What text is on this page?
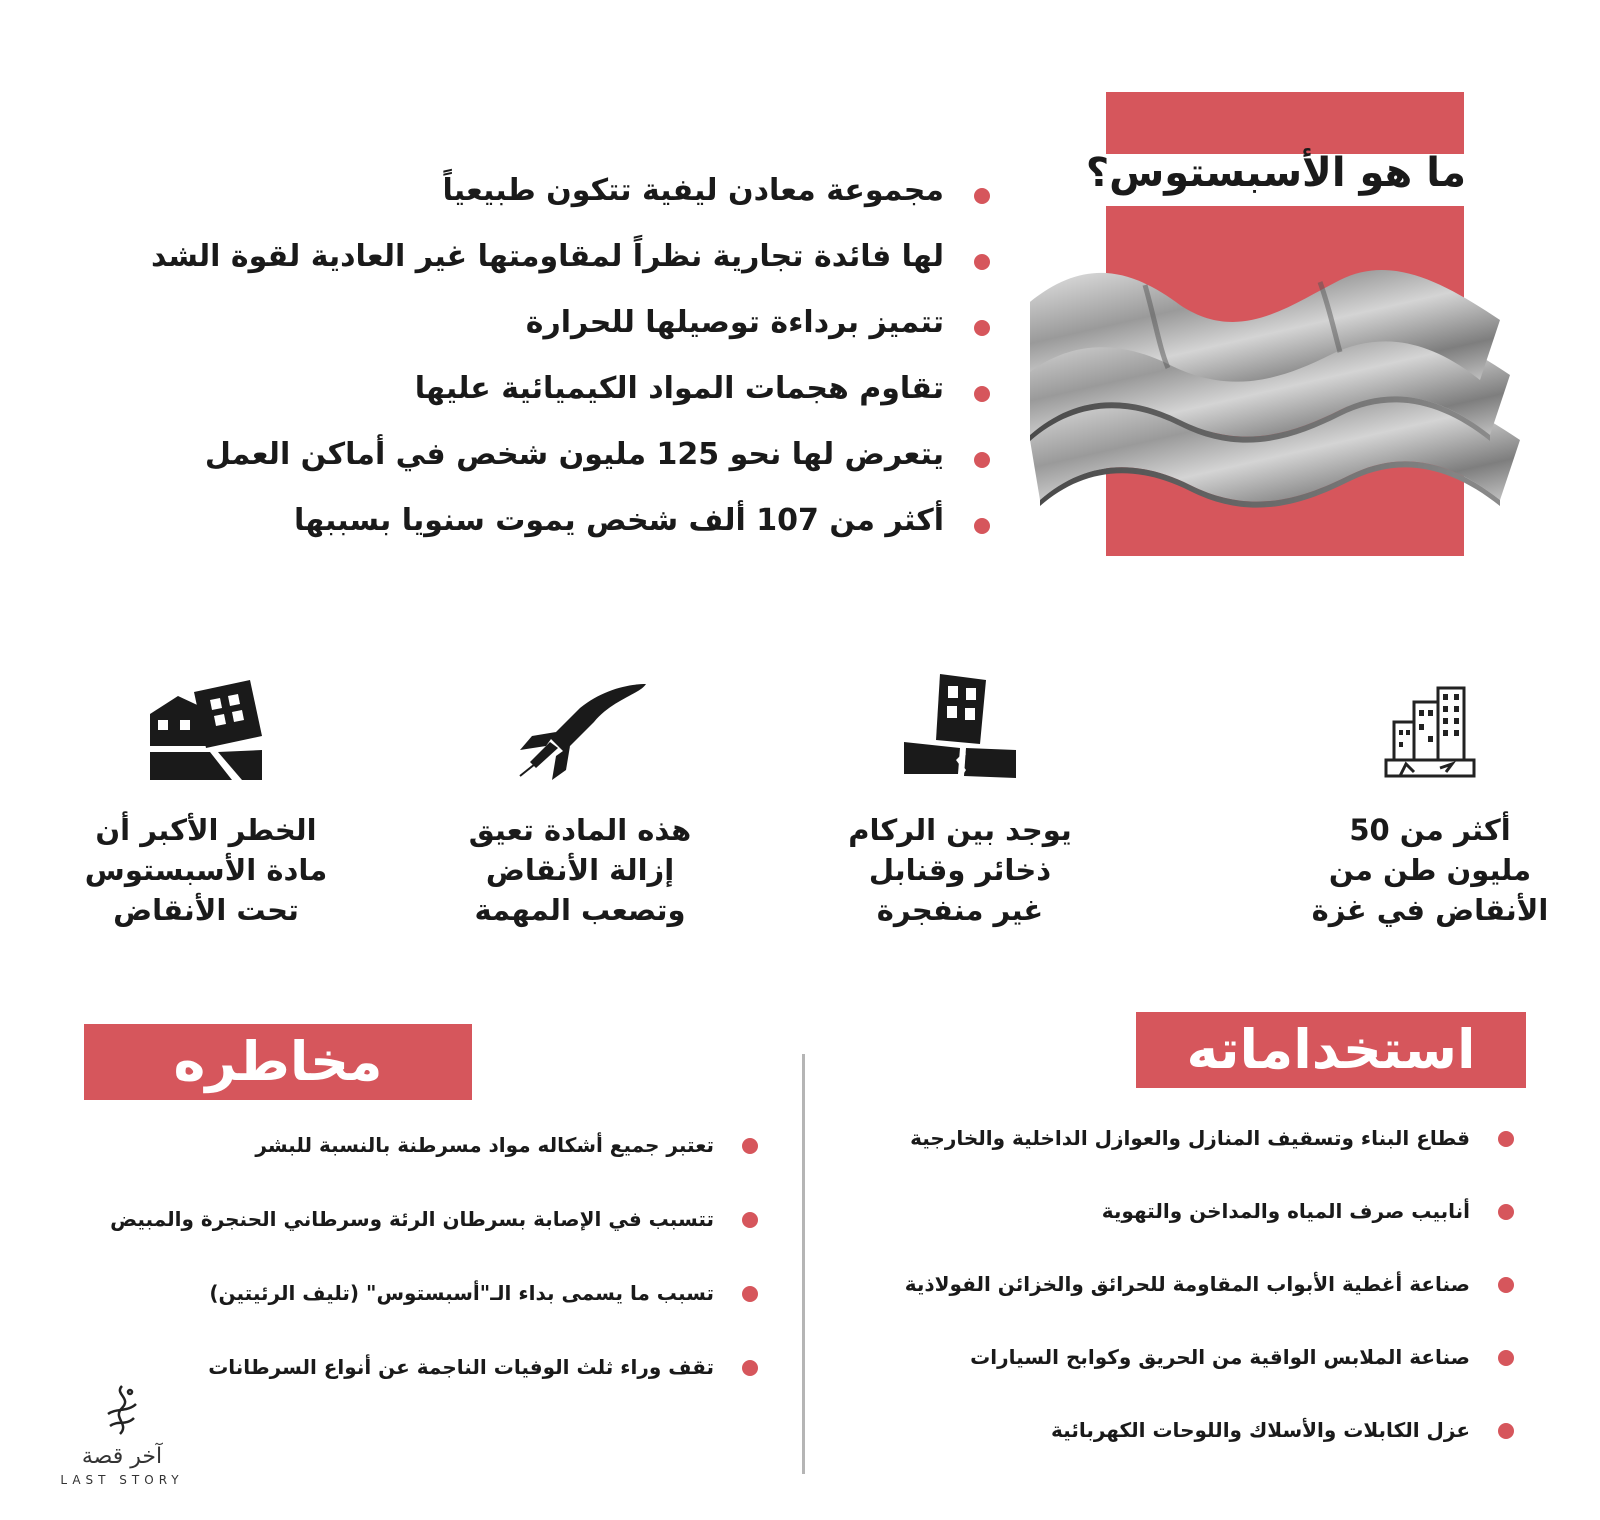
ما هو الأسبستوس؟
مجموعة معادن ليفية تتكون طبيعياً
لها فائدة تجارية نظراً لمقاومتها غير العادية لقوة الشد
تتميز برداءة توصيلها للحرارة
تقاوم هجمات المواد الكيميائية عليها
يتعرض لها نحو 125 مليون شخص في أماكن العمل
أكثر من 107 ألف شخص يموت سنويا بسببها
أكثر من 50
مليون طن من
الأنقاض في غزة
يوجد بين الركام
ذخائر وقنابل
غير منفجرة
هذه المادة تعيق
إزالة الأنقاض
وتصعب المهمة
الخطر الأكبر أن
مادة الأسبستوس
تحت الأنقاض
استخداماته
قطاع البناء وتسقيف المنازل والعوازل الداخلية والخارجية
أنابيب صرف المياه والمداخن والتهوية
صناعة أغطية الأبواب المقاومة للحرائق والخزائن الفولاذية
صناعة الملابس الواقية من الحريق وكوابح السيارات
عزل الكابلات والأسلاك واللوحات الكهربائية
مخاطره
تعتبر جميع أشكاله مواد مسرطنة بالنسبة للبشر
تتسبب في الإصابة بسرطان الرئة وسرطاني الحنجرة والمبيض
تسبب ما يسمى بداء الـ"أسبستوس" (تليف الرئيتين)
تقف وراء ثلث الوفيات الناجمة عن أنواع السرطانات
آخر قصة
LAST STORY
